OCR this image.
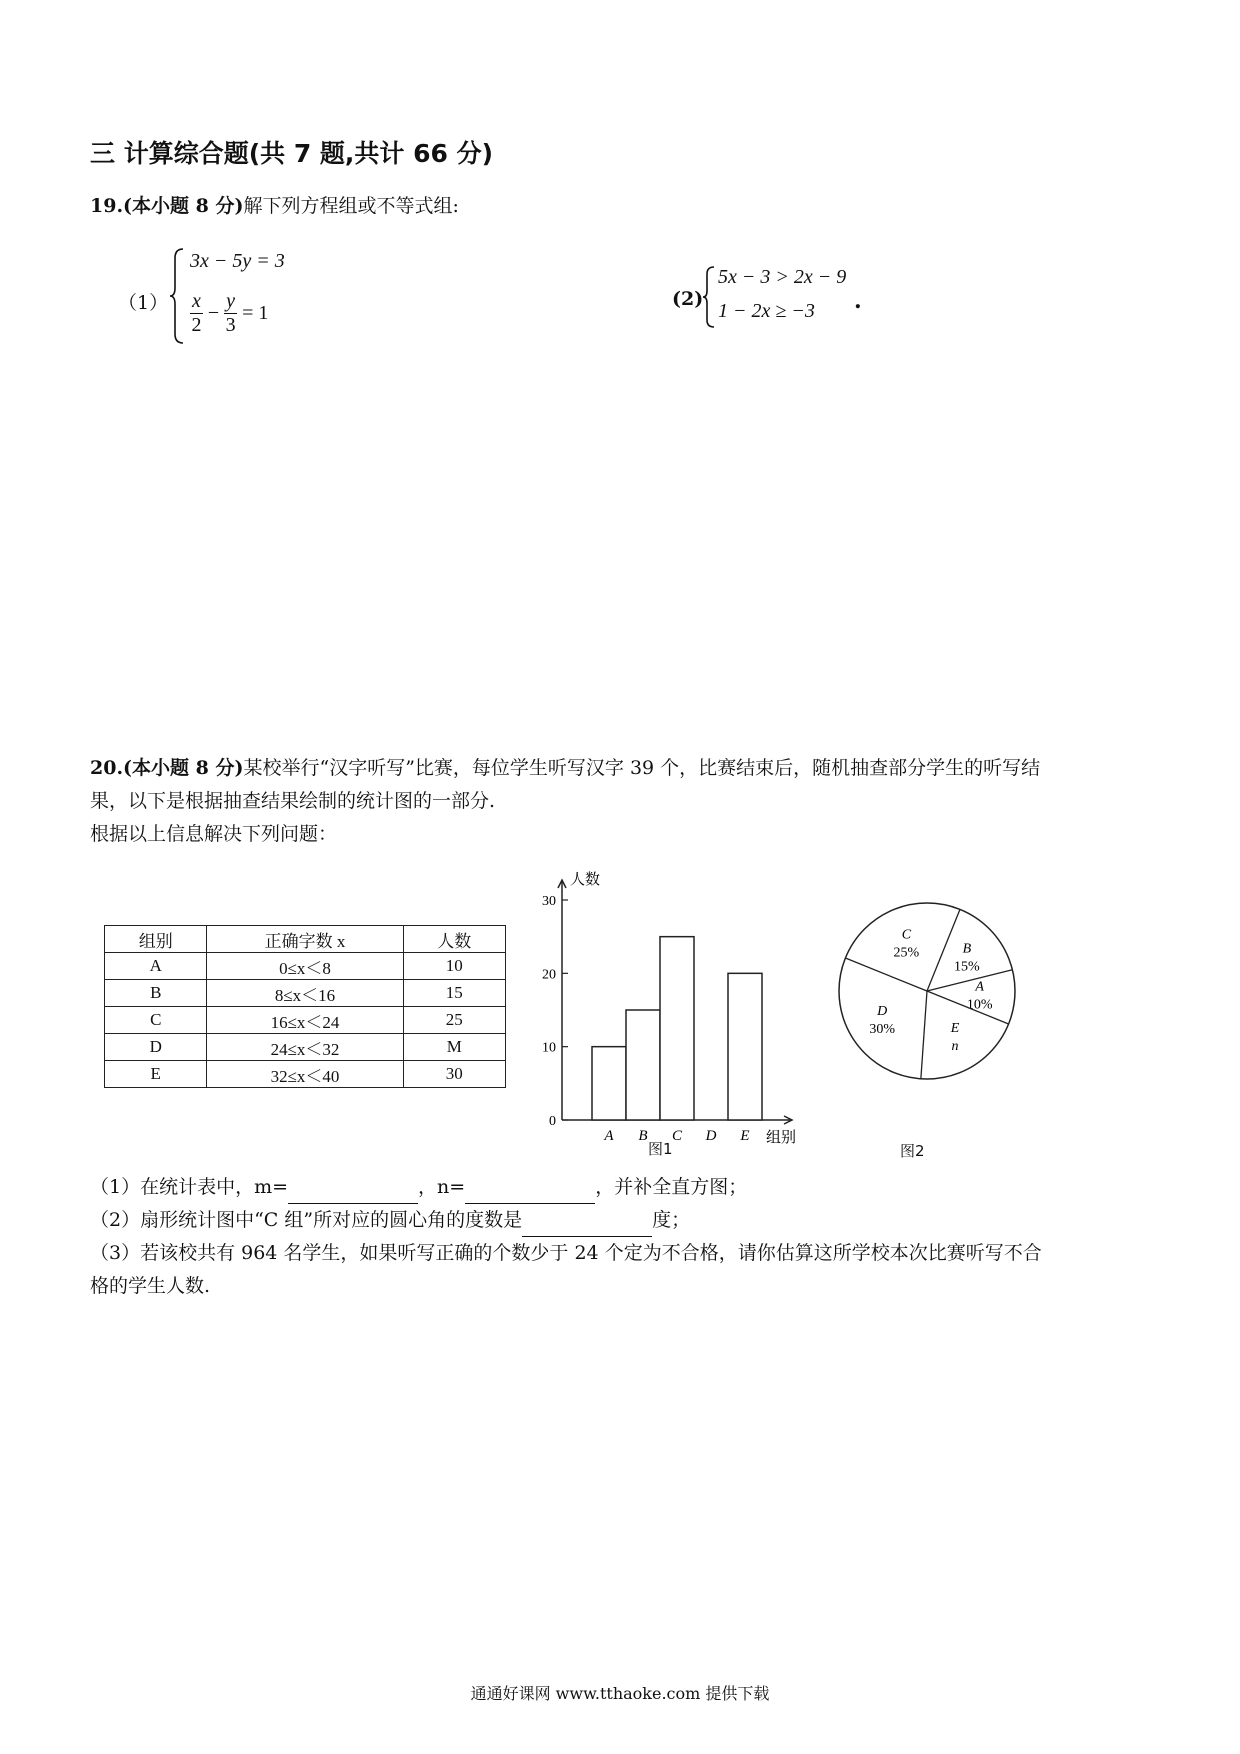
三 计算综合题(共 7 题,共计 66 分)
19.(本小题 8 分)解下列方程组或不等式组:
（1）
3x − 5y = 3
$\frac{x}{2} - \frac{y}{3} = 1$
(2)
5x − 3 > 2x − 9
1 − 2x ≥ −3 .
20.(本小题 8 分)某校举行“汉字听写”比赛，每位学生听写汉字 39 个，比赛结束后，随机抽查部分学生的听写结
果，以下是根据抽查结果绘制的统计图的一部分.
根据以上信息解决下列问题：
组别	正确字数 x	人数
A	0≤x＜8	10
B	8≤x＜16	15
C	16≤x＜24	25
D	24≤x＜32	M
E	32≤x＜40	30
人数
组别
0
10
20
30
A B C D E
图1
B
15%
A
10%
E
n
D
30%
C
25%
图2
（1）在统计表中，m=	，n=	，并补全直方图；
（2）扇形统计图中“C 组”所对应的圆心角的度数是	度；
（3）若该校共有 964 名学生，如果听写正确的个数少于 24 个定为不合格，请你估算这所学校本次比赛听写不合
格的学生人数.
通通好课网 www.tthaoke.com 提供下载
